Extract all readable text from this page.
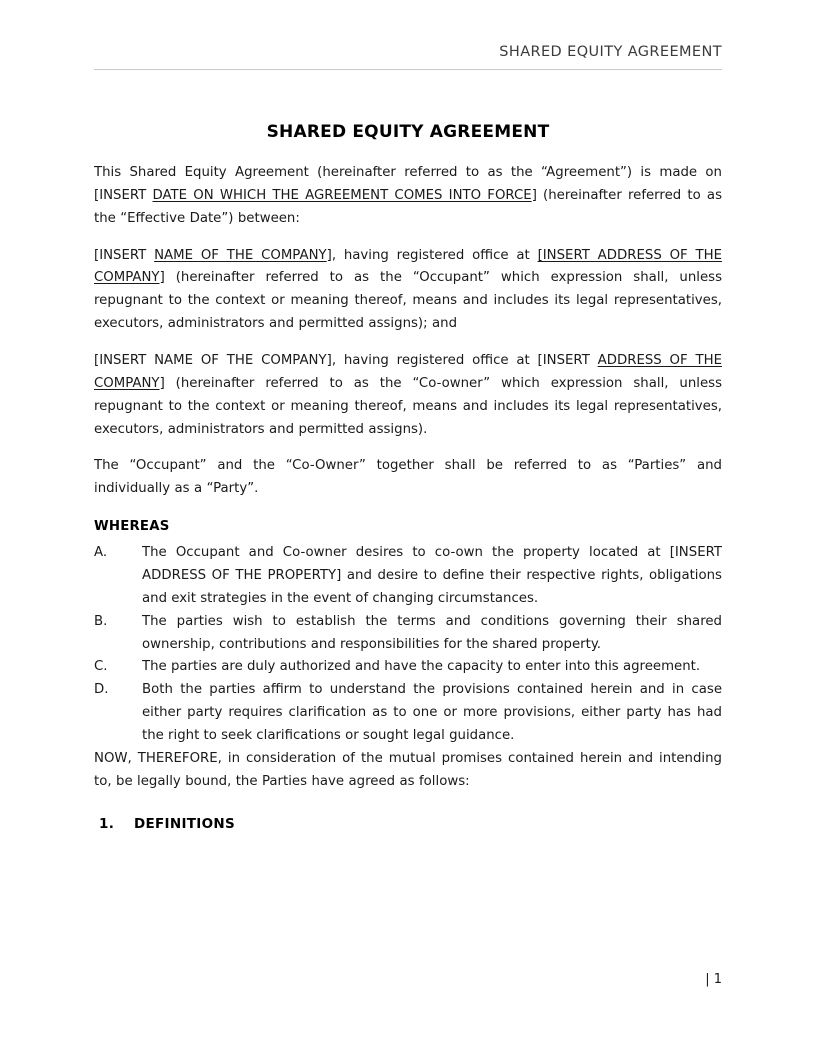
SHARED EQUITY AGREEMENT
SHARED EQUITY AGREEMENT

This Shared Equity Agreement (hereinafter referred to as the “Agreement”) is made on [INSERT DATE ON WHICH THE AGREEMENT COMES INTO FORCE] (hereinafter referred to as the “Effective Date”) between:

[INSERT NAME OF THE COMPANY], having registered office at [INSERT ADDRESS OF THE COMPANY] (hereinafter referred to as the “Occupant” which expression shall, unless repugnant to the context or meaning thereof, means and includes its legal representatives, executors, administrators and permitted assigns); and

[INSERT NAME OF THE COMPANY], having registered office at [INSERT ADDRESS OF THE COMPANY] (hereinafter referred to as the “Co-owner” which expression shall, unless repugnant to the context or meaning thereof, means and includes its legal representatives, executors, administrators and permitted assigns).

The “Occupant” and the “Co-Owner” together shall be referred to as “Parties” and individually as a “Party”.

WHEREAS
A.	The Occupant and Co-owner desires to co-own the property located at [INSERT ADDRESS OF THE PROPERTY] and desire to define their respective rights, obligations and exit strategies in the event of changing circumstances.
B.	The parties wish to establish the terms and conditions governing their shared ownership, contributions and responsibilities for the shared property.
C.	The parties are duly authorized and have the capacity to enter into this agreement.
D.	Both the parties affirm to understand the provisions contained herein and in case either party requires clarification as to one or more provisions, either party has had the right to seek clarifications or sought legal guidance.

NOW, THEREFORE, in consideration of the mutual promises contained herein and intending to, be legally bound, the Parties have agreed as follows:

1.	DEFINITIONS
| 1
